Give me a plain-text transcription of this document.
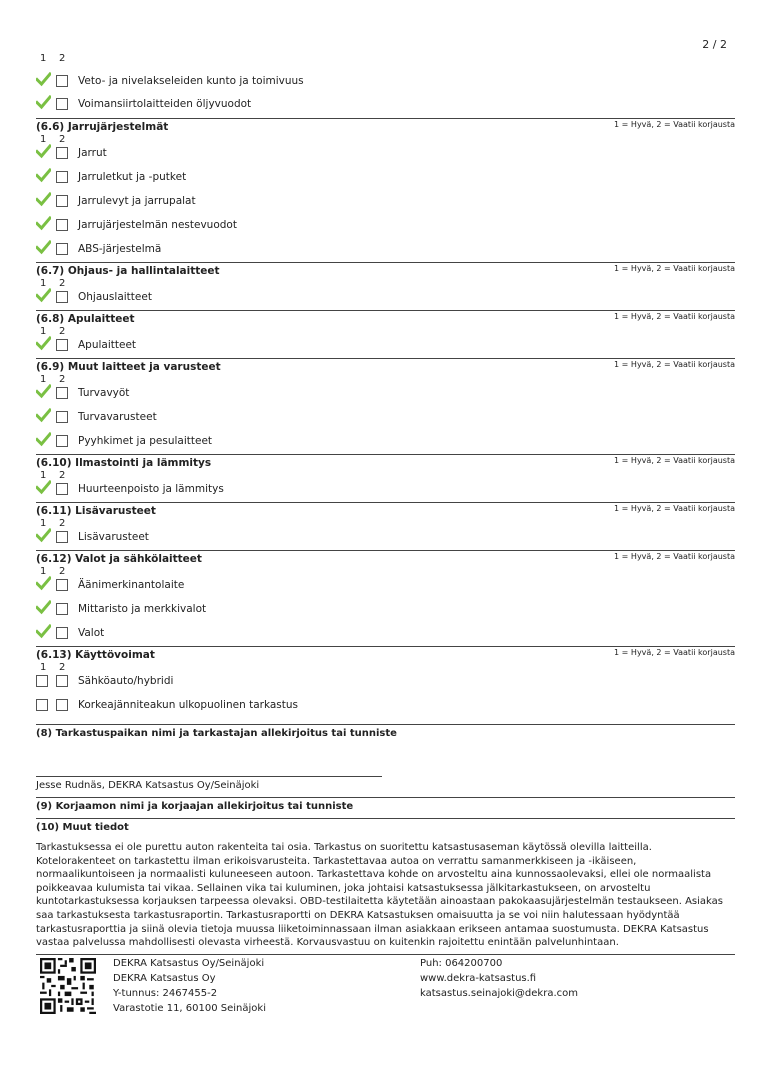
2 / 2
1 2
Veto- ja nivelakseleiden kunto ja toimivuus
Voimansiirtolaitteiden öljyvuodot
(6.6) Jarrujärjestelmät	1 = Hyvä, 2 = Vaatii korjausta
1 2
Jarrut
Jarruletkut ja -putket
Jarrulevyt ja jarrupalat
Jarrujärjestelmän nestevuodot
ABS-järjestelmä
(6.7) Ohjaus- ja hallintalaitteet	1 = Hyvä, 2 = Vaatii korjausta
1 2
Ohjauslaitteet
(6.8) Apulaitteet	1 = Hyvä, 2 = Vaatii korjausta
1 2
Apulaitteet
(6.9) Muut laitteet ja varusteet	1 = Hyvä, 2 = Vaatii korjausta
1 2
Turvavyöt
Turvavarusteet
Pyyhkimet ja pesulaitteet
(6.10) Ilmastointi ja lämmitys	1 = Hyvä, 2 = Vaatii korjausta
1 2
Huurteenpoisto ja lämmitys
(6.11) Lisävarusteet	1 = Hyvä, 2 = Vaatii korjausta
1 2
Lisävarusteet
(6.12) Valot ja sähkölaitteet	1 = Hyvä, 2 = Vaatii korjausta
1 2
Äänimerkinantolaite
Mittaristo ja merkkivalot
Valot
(6.13) Käyttövoimat	1 = Hyvä, 2 = Vaatii korjausta
1 2
Sähköauto/hybridi
Korkeajänniteakun ulkopuolinen tarkastus
(8) Tarkastuspaikan nimi ja tarkastajan allekirjoitus tai tunniste
Jesse Rudnäs, DEKRA Katsastus Oy/Seinäjoki
(9) Korjaamon nimi ja korjaajan allekirjoitus tai tunniste
(10) Muut tiedot
Tarkastuksessa ei ole purettu auton rakenteita tai osia. Tarkastus on suoritettu katsastusaseman käytössä olevilla laitteilla. Kotelorakenteet on tarkastettu ilman erikoisvarusteita. Tarkastettavaa autoa on verrattu samanmerkkiseen ja -ikäiseen, normaalikuntoiseen ja normaalisti kuluneeseen autoon. Tarkastettava kohde on arvosteltu aina kunnossaolevaksi, ellei ole normaalista poikkeavaa kulumista tai vikaa. Sellainen vika tai kuluminen, joka johtaisi katsastuksessa jälkitarkastukseen, on arvosteltu kuntotarkastuksessa korjauksen tarpeessa olevaksi. OBD-testilaitetta käytetään ainoastaan pakokaasujärjestelmän testaukseen. Asiakas saa tarkastuksesta tarkastusraportin. Tarkastusraportti on DEKRA Katsastuksen omaisuutta ja se voi niin halutessaan hyödyntää tarkastusraporttia ja siinä olevia tietoja muussa liiketoiminnassaan ilman asiakkaan erikseen antamaa suostumusta. DEKRA Katsastus vastaa palvelussa mahdollisesti olevasta virheestä. Korvausvastuu on kuitenkin rajoitettu enintään palvelunhintaan.
DEKRA Katsastus Oy/Seinäjoki
DEKRA Katsastus Oy
Y-tunnus: 2467455-2
Varastotie 11, 60100 Seinäjoki
Puh: 064200700
www.dekra-katsastus.fi
katsastus.seinajoki@dekra.com
